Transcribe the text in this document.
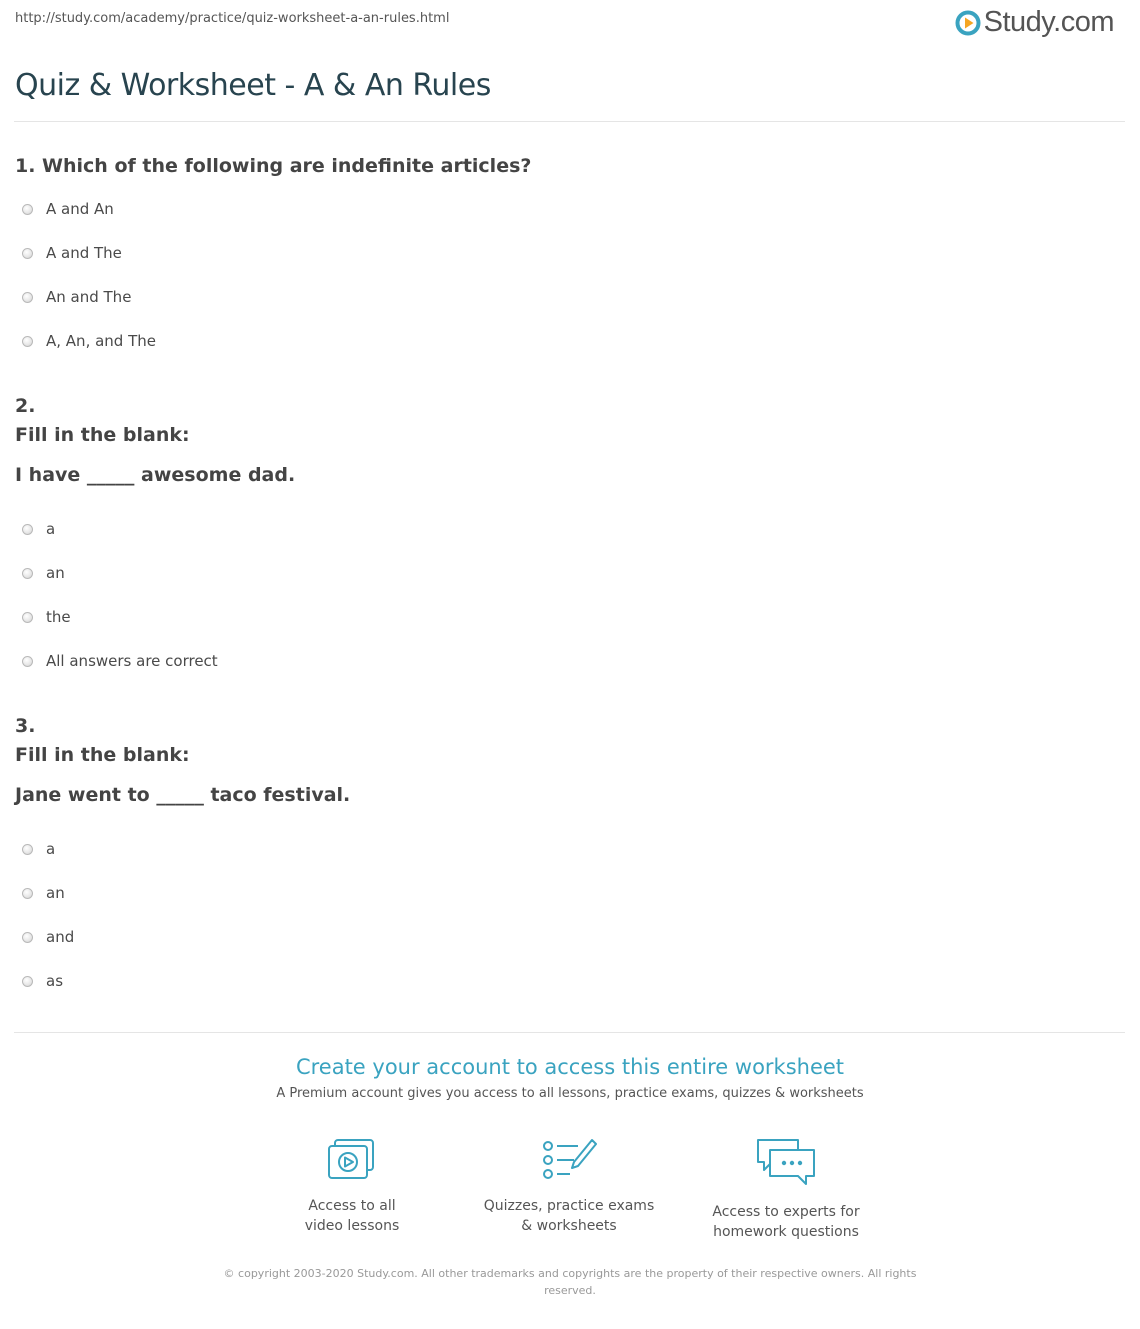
http://study.com/academy/practice/quiz-worksheet-a-an-rules.html	Study.com
Quiz & Worksheet - A & An Rules
1. Which of the following are indefinite articles?
A and An
A and The
An and The
A, An, and The
2.
Fill in the blank:
I have _____ awesome dad.
a
an
the
All answers are correct
3.
Fill in the blank:
Jane went to _____ taco festival.
a
an
and
as
Create your account to access this entire worksheet
A Premium account gives you access to all lessons, practice exams, quizzes & worksheets
Access to all
video lessons
Quizzes, practice exams
& worksheets
Access to experts for
homework questions
© copyright 2003-2020 Study.com. All other trademarks and copyrights are the property of their respective owners. All rights
reserved.
